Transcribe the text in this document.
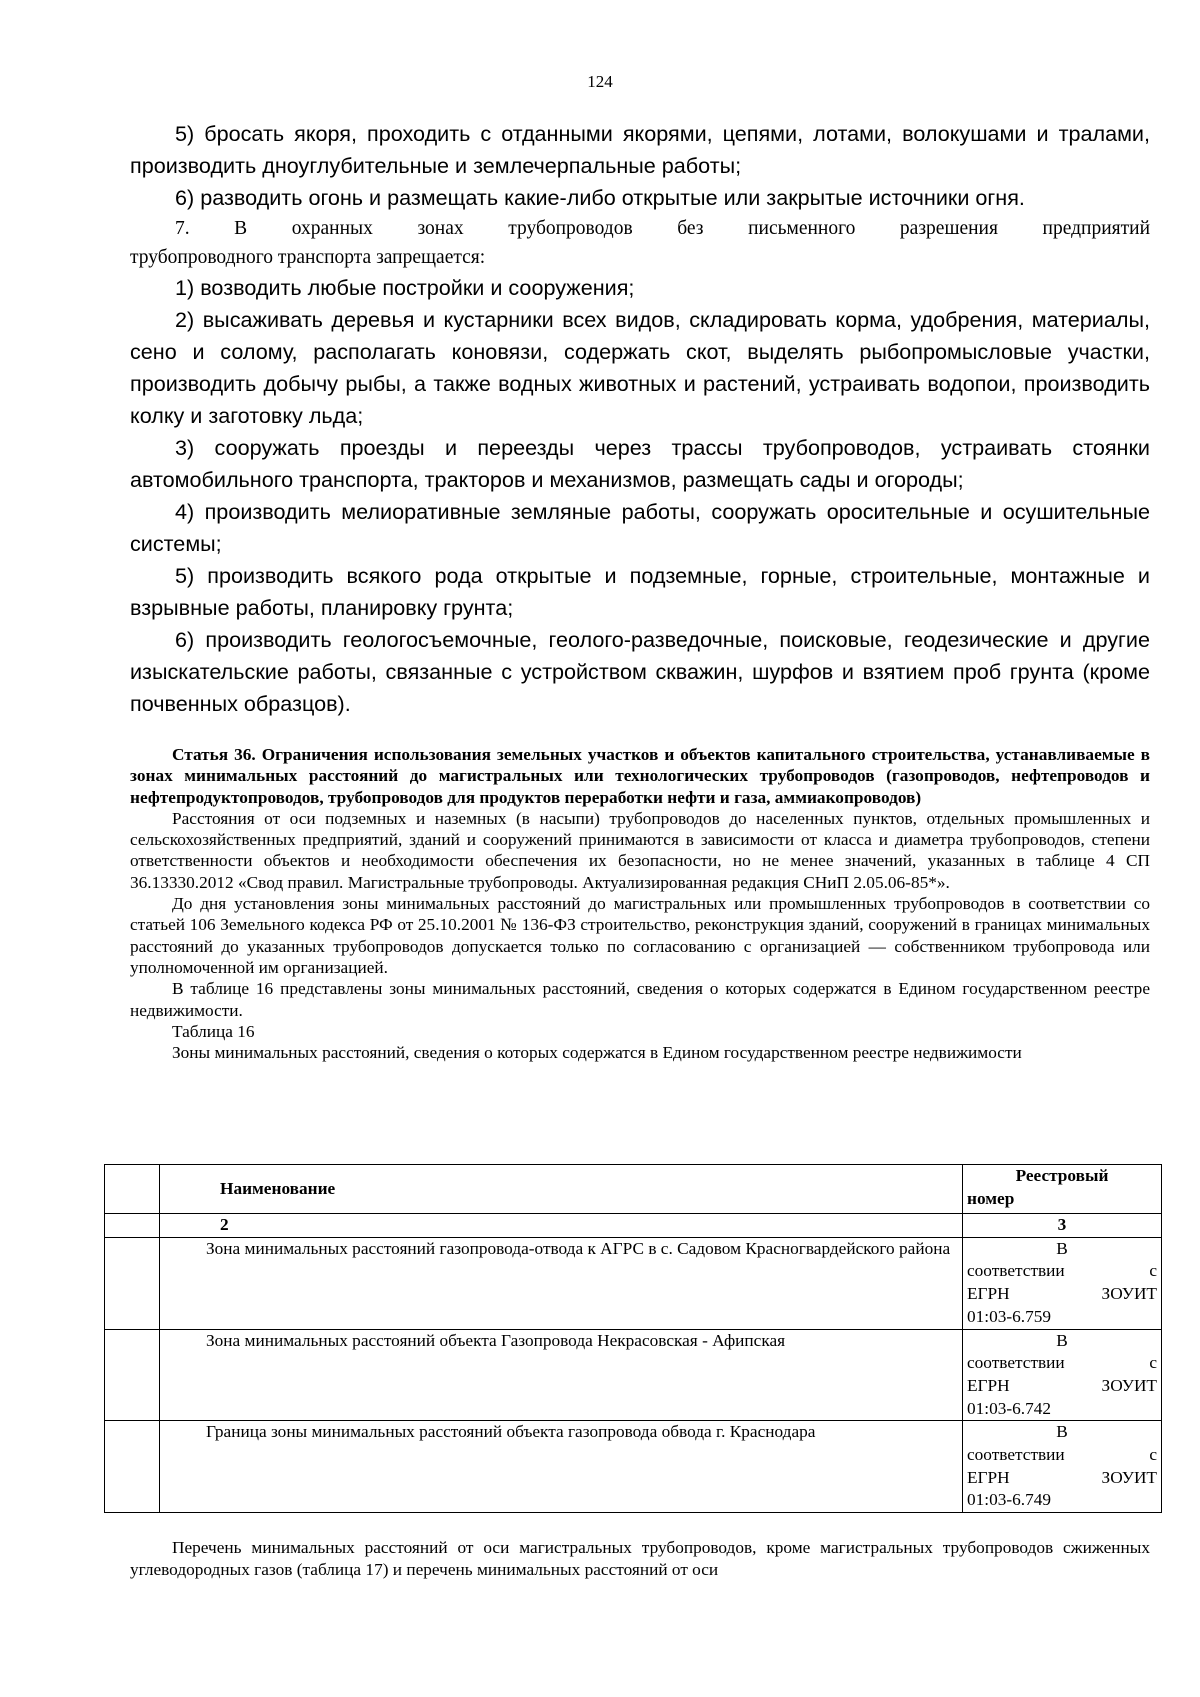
124

5) бросать якоря, проходить с отданными якорями, цепями, лотами, волокушами и тралами, производить дноуглубительные и землечерпальные работы;

6) разводить огонь и размещать какие-либо открытые или закрытые источники огня.

7. В охранных зонах трубопроводов без письменного разрешения предприятий

трубопроводного транспорта запрещается:

1) возводить любые постройки и сооружения;

2) высаживать деревья и кустарники всех видов, складировать корма, удобрения, материалы, сено и солому, располагать коновязи, содержать скот, выделять рыбопромысловые участки, производить добычу рыбы, а также водных животных и растений, устраивать водопои, производить колку и заготовку льда;

3) сооружать проезды и переезды через трассы трубопроводов, устраивать стоянки автомобильного транспорта, тракторов и механизмов, размещать сады и огороды;

4) производить мелиоративные земляные работы, сооружать оросительные и осушительные системы;

5) производить всякого рода открытые и подземные, горные, строительные, монтажные и взрывные работы, планировку грунта;

6) производить геологосъемочные, геолого-разведочные, поисковые, геодезические и другие изыскательские работы, связанные с устройством скважин, шурфов и взятием проб грунта (кроме почвенных образцов).

Статья 36. Ограничения использования земельных участков и объектов капитального строительства, устанавливаемые в зонах минимальных расстояний до магистральных или технологических трубопроводов (газопроводов, нефтепроводов и нефтепродуктопроводов, трубопроводов для продуктов переработки нефти и газа, аммиакопроводов)

Расстояния от оси подземных и наземных (в насыпи) трубопроводов до населенных пунктов, отдельных промышленных и сельскохозяйственных предприятий, зданий и сооружений принимаются в зависимости от класса и диаметра трубопроводов, степени ответственности объектов и необходимости обеспечения их безопасности, но не менее значений, указанных в таблице 4 СП 36.13330.2012 «Свод правил. Магистральные трубопроводы. Актуализированная редакция СНиП 2.05.06-85*».

До дня установления зоны минимальных расстояний до магистральных или промышленных трубопроводов в соответствии со статьей 106 Земельного кодекса РФ от 25.10.2001 № 136-ФЗ строительство, реконструкция зданий, сооружений в границах минимальных расстояний до указанных трубопроводов допускается только по согласованию с организацией — собственником трубопровода или уполномоченной им организацией.

В таблице 16 представлены зоны минимальных расстояний, сведения о которых содержатся в Едином государственном реестре недвижимости.

Таблица 16

Зоны минимальных расстояний, сведения о которых содержатся в Едином государственном реестре недвижимости

	Наименование	Реестровый
номер

	2	3
	Зона минимальных расстояний газопровода-отвода к АГРС в с. Садовом Красногвардейского района	В
соответствии с
ЕГРН ЗОУИТ
01:03-6.759

	Зона минимальных расстояний объекта Газопровода Некрасовская - Афипская	В
соответствии с
ЕГРН ЗОУИТ
01:03-6.742

	Граница зоны минимальных расстояний объекта газопровода обвода г. Краснодара	В
соответствии с
ЕГРН ЗОУИТ
01:03-6.749

Перечень минимальных расстояний от оси магистральных трубопроводов, кроме магистральных трубопроводов сжиженных углеводородных газов (таблица 17) и перечень минимальных расстояний от оси
